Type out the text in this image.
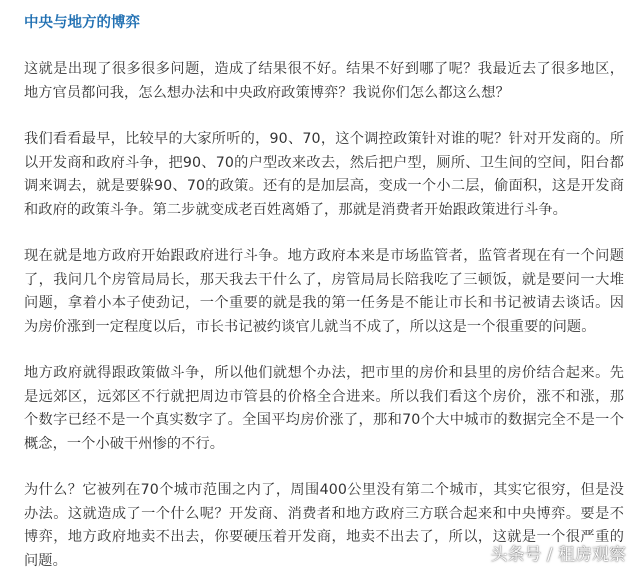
中央与地方的博弈

这就是出现了很多很多问题，造成了结果很不好。结果不好到哪了呢？我最近去了很多地区，地方官员都问我，怎么想办法和中央政府政策博弈？我说你们怎么都这么想？

我们看看最早，比较早的大家所听的，90、70，这个调控政策针对谁的呢？针对开发商的。所以开发商和政府斗争，把90、70的户型改来改去，然后把户型，厕所、卫生间的空间，阳台都调来调去，就是要躲90、70的政策。还有的是加层高，变成一个小二层，偷面积，这是开发商和政府的政策斗争。第二步就变成老百姓离婚了，那就是消费者开始跟政策进行斗争。

现在就是地方政府开始跟政府进行斗争。地方政府本来是市场监管者，监管者现在有一个问题了，我问几个房管局局长，那天我去干什么了，房管局局长陪我吃了三顿饭，就是要问一大堆问题，拿着小本子使劲记，一个重要的就是我的第一任务是不能让市长和书记被请去谈话。因为房价涨到一定程度以后，市长书记被约谈官儿就当不成了，所以这是一个很重要的问题。

地方政府就得跟政策做斗争，所以他们就想个办法，把市里的房价和县里的房价结合起来。先是远郊区，远郊区不行就把周边市管县的价格全合进来。所以我们看这个房价，涨不和涨，那个数字已经不是一个真实数字了。全国平均房价涨了，那和70个大中城市的数据完全不是一个概念，一个小破干州惨的不行。

为什么？它被列在70个城市范围之内了，周围400公里没有第二个城市，其实它很穷，但是没办法。这就造成了一个什么呢？开发商、消费者和地方政府三方联合起来和中央博弈。要是不博弈，地方政府地卖不出去，你要硬压着开发商，地卖不出去了，所以，这就是一个很严重的问题。	头条号 / 租房观察
